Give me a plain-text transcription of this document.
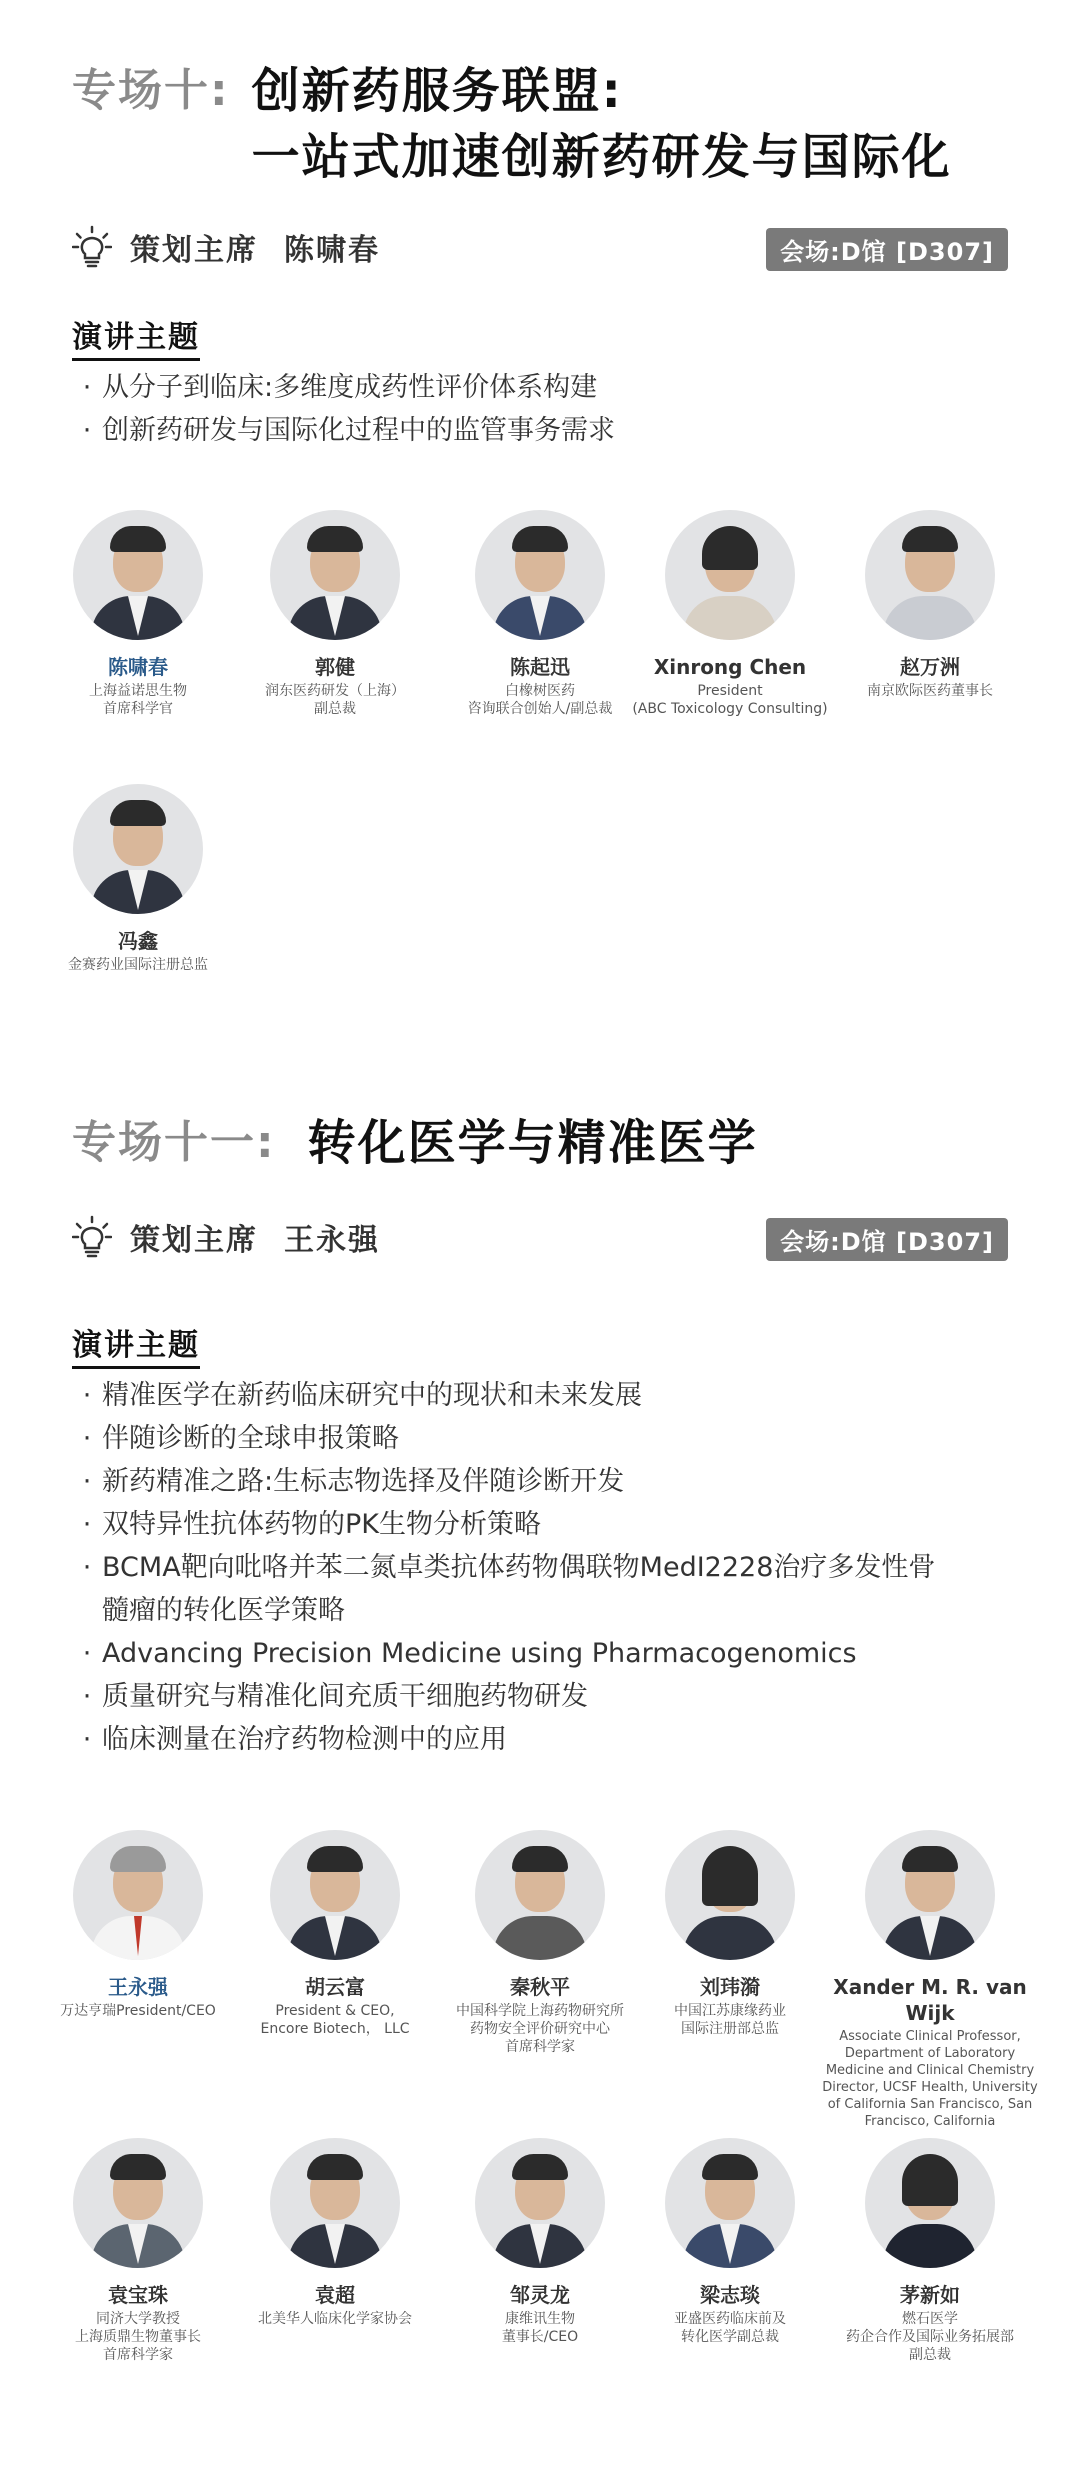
专场十: 创新药服务联盟:
一站式加速创新药研发与国际化
策划主席 陈啸春	会场:D馆 [D307]
演讲主题
· 从分子到临床:多维度成药性评价体系构建
· 创新药研发与国际化过程中的监管事务需求
陈啸春
上海益诺思生物
首席科学官
郭健
润东医药研发（上海）
副总裁
陈起迅
白橡树医药
咨询联合创始人/副总裁
Xinrong Chen
President
(ABC Toxicology Consulting)
赵万洲
南京欧际医药董事长
冯鑫
金赛药业国际注册总监
专场十一: 转化医学与精准医学
策划主席 王永强	会场:D馆 [D307]
演讲主题
· 精准医学在新药临床研究中的现状和未来发展
· 伴随诊断的全球申报策略
· 新药精准之路:生标志物选择及伴随诊断开发
· 双特异性抗体药物的PK生物分析策略
· BCMA靶向吡咯并苯二氮卓类抗体药物偶联物MedI2228治疗多发性骨髓瘤的转化医学策略
· Advancing Precision Medicine using Pharmacogenomics
· 质量研究与精准化间充质干细胞药物研发
· 临床测量在治疗药物检测中的应用
王永强
万达亨瑞President/CEO
胡云富
President & CEO,
Encore Biotech， LLC
秦秋平
中国科学院上海药物研究所
药物安全评价研究中心
首席科学家
刘玮漪
中国江苏康缘药业
国际注册部总监
Xander M. R. van Wijk
Associate Clinical Professor,
Department of Laboratory
Medicine and Clinical Chemistry
Director, UCSF Health, University
of California San Francisco, San
Francisco, California
袁宝珠
同济大学教授
上海质鼎生物董事长
首席科学家
袁超
北美华人临床化学家协会
邹灵龙
康维讯生物
董事长/CEO
梁志琰
亚盛医药临床前及
转化医学副总裁
茅新如
燃石医学
药企合作及国际业务拓展部
副总裁
